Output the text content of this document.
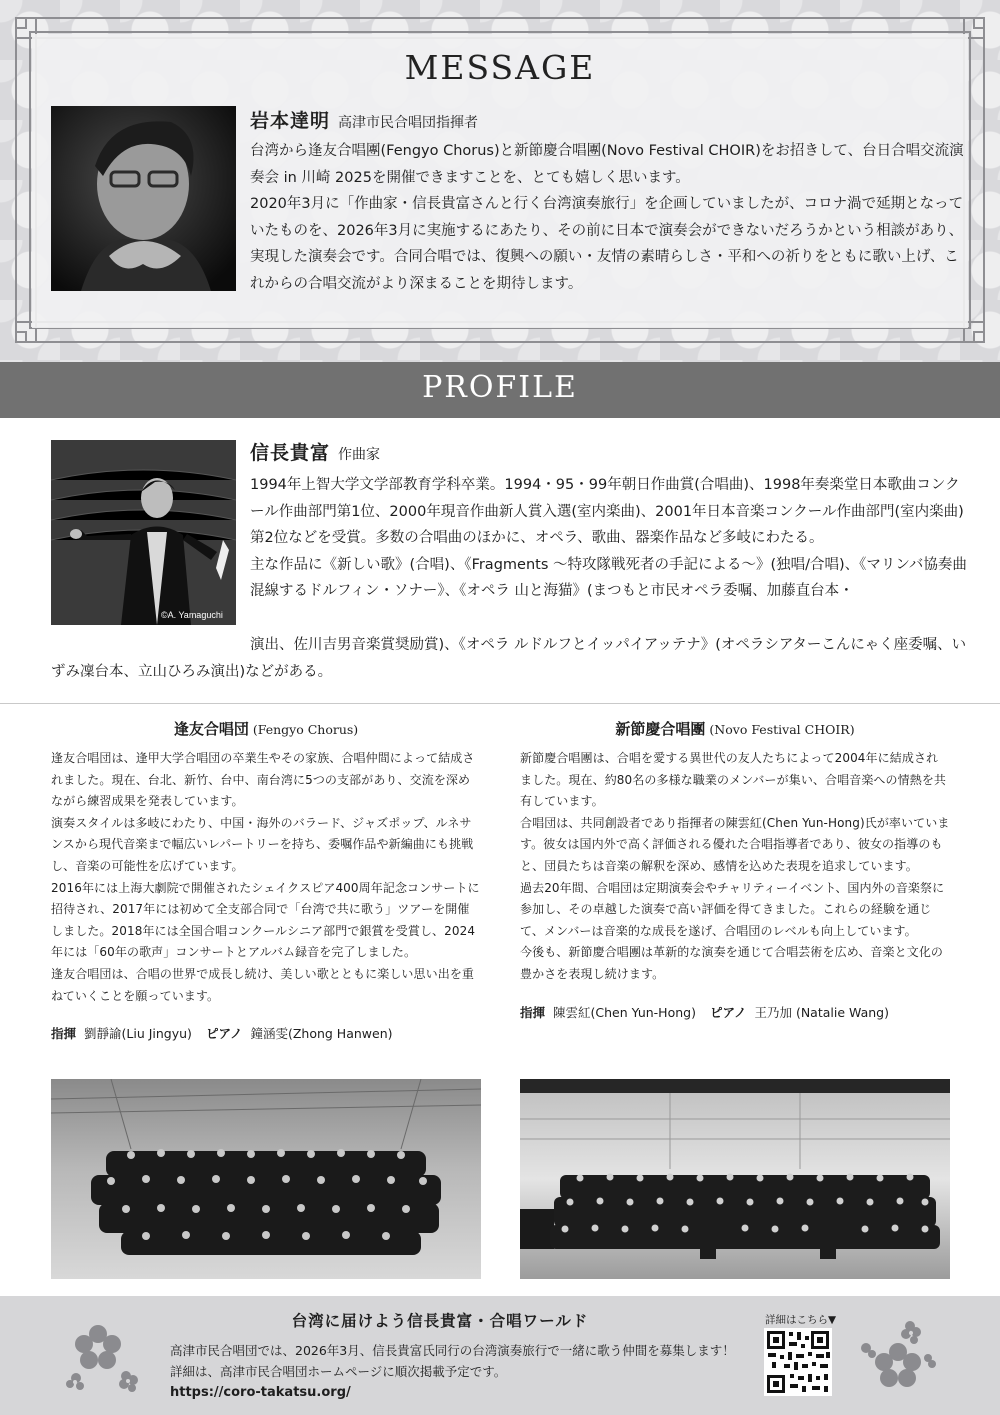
MESSAGE
岩本達明 高津市民合唱団指揮者

台湾から逢友合唱團(Fengyo Chorus)と新節慶合唱團(Novo Festival CHOIR)をお招きして、台日合唱交流演奏会 in 川崎 2025を開催できますことを、とても嬉しく思います。

2020年3月に「作曲家・信長貴富さんと行く台湾演奏旅行」を企画していましたが、コロナ渦で延期となっていたものを、2026年3月に実施するにあたり、その前に日本で演奏会ができないだろうかという相談があり、実現した演奏会です。合同合唱では、復興への願い・友情の素晴らしさ・平和への祈りをともに歌い上げ、これからの合唱交流がより深まることを期待します。

PROFILE
©A. Yamaguchi
信長貴富 作曲家

1994年上智大学文学部教育学科卒業。1994・95・99年朝日作曲賞(合唱曲)、1998年奏楽堂日本歌曲コンクール作曲部門第1位、2000年現音作曲新人賞入選(室内楽曲)、2001年日本音楽コンクール作曲部門(室内楽曲)第2位などを受賞。多数の合唱曲のほかに、オペラ、歌曲、器楽作品など多岐にわたる。

主な作品に《新しい歌》(合唱)、《Fragments 〜特攻隊戦死者の手記による〜》(独唱/合唱)、《マリンバ協奏曲 混線するドルフィン・ソナー》、《オペラ 山と海猫》(まつもと市民オペラ委嘱、加藤直台本・

演出、佐川吉男音楽賞奨励賞)、《オペラ ルドルフとイッパイアッテナ》(オペラシアターこんにゃく座委嘱、いずみ凜台本、立山ひろみ演出)などがある。

逢友合唱団 (Fengyo Chorus)

逢友合唱団は、逢甲大学合唱団の卒業生やその家族、合唱仲間によって結成されました。現在、台北、新竹、台中、南台湾に5つの支部があり、交流を深めながら練習成果を発表しています。

演奏スタイルは多岐にわたり、中国・海外のバラード、ジャズポップ、ルネサンスから現代音楽まで幅広いレパートリーを持ち、委嘱作品や新編曲にも挑戦し、音楽の可能性を広げています。

2016年には上海大劇院で開催されたシェイクスピア400周年記念コンサートに招待され、2017年には初めて全支部合同で「台湾で共に歌う」ツアーを開催しました。2018年には全国合唱コンクールシニア部門で銀賞を受賞し、2024年には「60年の歌声」コンサートとアルバム録音を完了しました。

逢友合唱団は、合唱の世界で成長し続け、美しい歌とともに楽しい思い出を重ねていくことを願っています。

指揮 劉靜諭(Liu Jingyu) ピアノ 鐘涵雯(Zhong Hanwen)
新節慶合唱團 (Novo Festival CHOIR)

新節慶合唱團は、合唱を愛する異世代の友人たちによって2004年に結成されました。現在、約80名の多様な職業のメンバーが集い、合唱音楽への情熱を共有しています。

合唱団は、共同創設者であり指揮者の陳雲紅(Chen Yun-Hong)氏が率いています。彼女は国内外で高く評価される優れた合唱指導者であり、彼女の指導のもと、団員たちは音楽の解釈を深め、感情を込めた表現を追求しています。

過去20年間、合唱団は定期演奏会やチャリティーイベント、国内外の音楽祭に参加し、その卓越した演奏で高い評価を得てきました。これらの経験を通じて、メンバーは音楽的な成長を遂げ、合唱団のレベルも向上しています。

今後も、新節慶合唱團は革新的な演奏を通じて合唱芸術を広め、音楽と文化の豊かさを表現し続けます。

指揮 陳雲紅(Chen Yun-Hong) ピアノ 王乃加 (Natalie Wang)
台湾に届けよう信長貴富・合唱ワールド
高津市民合唱団では、2026年3月、信長貴富氏同行の台湾演奏旅行で一緒に歌う仲間を募集します！
詳細は、高津市民合唱団ホームページに順次掲載予定です。
https://coro-takatsu.org/
詳細はこちら▼
